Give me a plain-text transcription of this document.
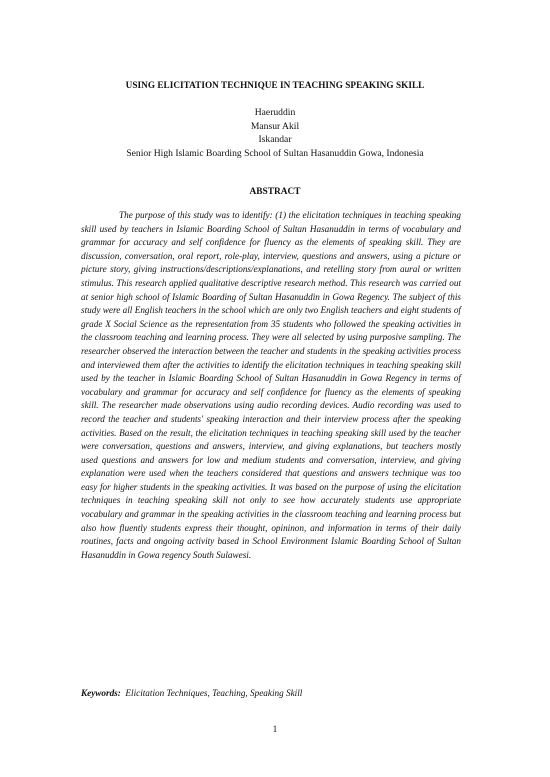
USING ELICITATION TECHNIQUE IN TEACHING SPEAKING SKILL
Haeruddin
Mansur Akil
Iskandar
Senior High Islamic Boarding School of Sultan Hasanuddin Gowa, Indonesia
ABSTRACT

The purpose of this study was to identify: (1) the elicitation techniques in teaching speaking skill used by teachers in Islamic Boarding School of Sultan Hasanuddin in terms of vocabulary and grammar for accuracy and self confidence for fluency as the elements of speaking skill. They are discussion, conversation, oral report, role-play, interview, questions and answers, using a picture or picture story, giving instructions/descriptions/explanations, and retelling story from aural or written stimulus. This research applied qualitative descriptive research method. This research was carried out at senior high school of Islamic Boarding of Sultan Hasanuddin in Gowa Regency. The subject of this study were all English teachers in the school which are only two English teachers and eight students of grade X Social Science as the representation from 35 students who followed the speaking activities in the classroom teaching and learning process. They were all selected by using purposive sampling. The researcher observed the interaction between the teacher and students in the speaking activities process and interviewed them after the activities to identify the elicitation techniques in teaching speaking skill used by the teacher in Islamic Boarding School of Sultan Hasanuddin in Gowa Regency in terms of vocabulary and grammar for accuracy and self confidence for fluency as the elements of speaking skill. The researcher made observations using audio recording devices. Audio recording was used to record the teacher and students' speaking interaction and their interview process after the speaking activities. Based on the result, the elicitation techniques in teaching speaking skill used by the teacher were conversation, questions and answers, interview, and giving explanations, but teachers mostly used questions and answers for low and medium students and conversation, interview, and giving explanation were used when the teachers considered that questions and answers technique was too easy for higher students in the speaking activities. It was based on the purpose of using the elicitation techniques in teaching speaking skill not only to see how accurately students use appropriate vocabulary and grammar in the speaking activities in the classroom teaching and learning process but also how fluently students express their thought, opininon, and information in terms of their daily routines, facts and ongoing activity based in School Environment Islamic Boarding School of Sultan Hasanuddin in Gowa regency South Sulawesi.

Keywords: Elicitation Techniques, Teaching, Speaking Skill
1
